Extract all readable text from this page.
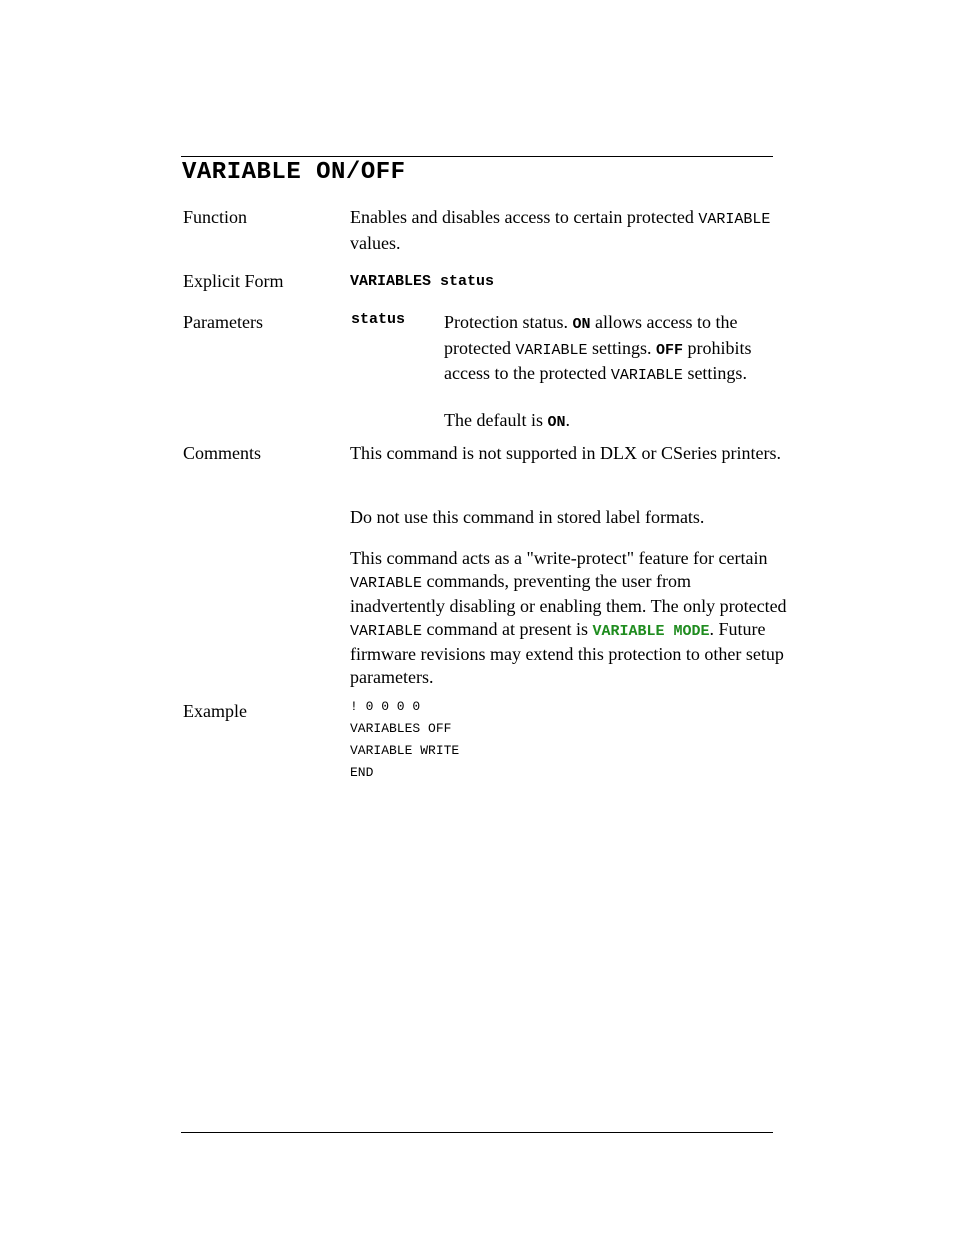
VARIABLE ON/OFF
Function	Enables and disables access to certain protected VARIABLE values.

Explicit Form	VARIABLES status
Parameters	status Protection status. ON allows access to the protected VARIABLE settings. OFF prohibits access to the protected VARIABLE settings.
The default is ON.
Comments	This command is not supported in DLX or CSeries printers.

Do not use this command in stored label formats.

This command acts as a "write-protect" feature for certain VARIABLE commands, preventing the user from inadvertently disabling or enabling them. The only protected VARIABLE command at present is VARIABLE MODE. Future firmware revisions may extend this protection to other setup parameters.

Example	! 0 0 0 0
VARIABLES OFF
VARIABLE WRITE
END
